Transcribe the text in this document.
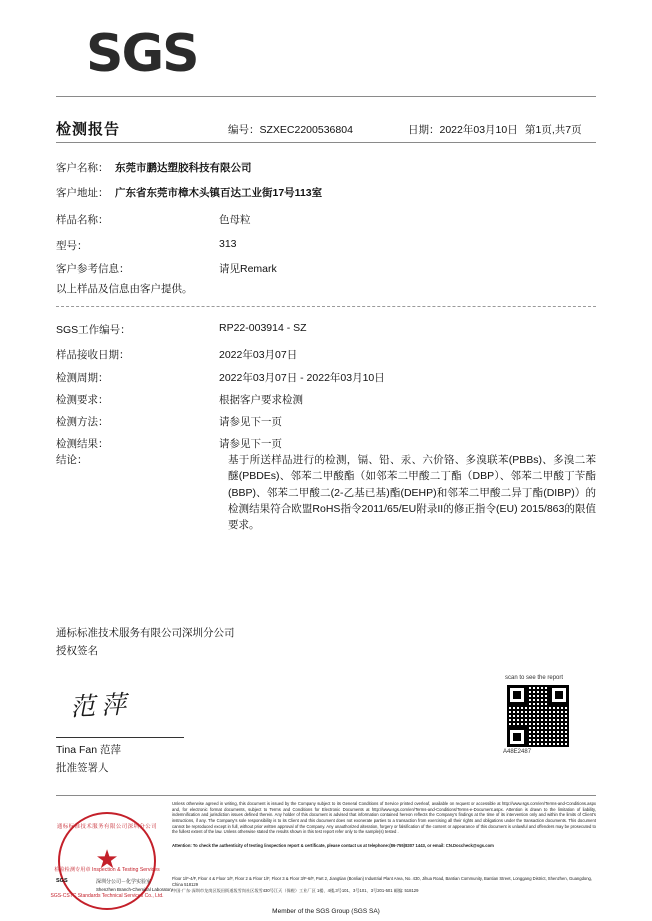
SGS
检测报告	编号：SZXEC2200536804	日期：2022年03月10日 第1页,共7页
客户名称： 东莞市鹏达塑胶科技有限公司
客户地址： 广东省东莞市樟木头镇百达工业街17号113室
样品名称：	色母粒
型号：	313
客户参考信息：	请见Remark
以上样品及信息由客户提供。
SGS工作编号：	RP22-003914 - SZ
样品接收日期：	2022年03月07日
检测周期：	2022年03月07日 - 2022年03月10日
检测要求：	根据客户要求检测
检测方法：	请参见下一页
检测结果：	请参见下一页
结论：	基于所送样品进行的检测，镉、铅、汞、六价铬、多溴联苯(PBBs)、多溴二苯醚(PBDEs)、邻苯二甲酸酯（如邻苯二甲酸二丁酯（DBP）、邻苯二甲酸丁苄酯(BBP)、邻苯二甲酸二(2-乙基已基)酯(DEHP)和邻苯二甲酸二异丁酯(DIBP)）的检测结果符合欧盟RoHS指令2011/65/EU附录II的修正指令(EU) 2015/863的限值要求。
通标标准技术服务有限公司深圳分公司
授权签名
范萍
Tina Fan 范萍
批准签署人
scan to see the report
A48E2487
Unless otherwise agreed in writing, this document is issued by the Company subject to its General Conditions of Service printed overleaf, available on request or accessible at http://www.sgs.com/en/Terms-and-Conditions.aspx and, for electronic format documents, subject to Terms and Conditions for Electronic Documents at http://www.sgs.com/en/Terms-and-Conditions/Terms-e-Document.aspx. Attention is drawn to the limitation of liability, indemnification and jurisdiction issues defined therein. Any holder of this document is advised that information contained hereon reflects the Company's findings at the time of its intervention only and within the limits of Client's instructions, if any. The Company's sole responsibility is to its Client and this document does not exonerate parties to a transaction from exercising all their rights and obligations under the transaction documents. This document cannot be reproduced except in full, without prior written approval of the Company. Any unauthorized alteration, forgery or falsification of the content or appearance of this document is unlawful and offenders may be prosecuted to the fullest extent of the law. Unless otherwise stated the results shown in this test report refer only to the sample(s) tested .
Attention: To check the authenticity of testing /inspection report & certificate, please contact us at telephone:(86-755)8307 1443, or email: CN.Doccheck@sgs.com
Floor 1/F-4/F, Floor 4 & Floor 1/F, Floor 2 & Floor 1/F, Floor 3 & Floor 3/F-6/F, Part 2, Jiangtian (Bonlian) Industrial Plant Area, No. 430, Jihua Road, Bantian Community, Bantian Street, Longgang District, Shenzhen, Guangdong, China 518129
中国·广东·深圳市龙岗区坂田街道坂雪岗社区坂雪430号江天（保税）工业厂区 1楼、4楼,3号101、3号101、3号201-501 邮编: 518129
Member of the SGS Group (SGS SA)
通标标准技术服务有限公司深圳分公司
★
检验检测专用章 Inspection & Testing Services
SGS-CSTC Standards Technical Services Co., Ltd.
SGS	深圳分公司－化学实验室
Shenzhen Branch-Chemical Laboratory
